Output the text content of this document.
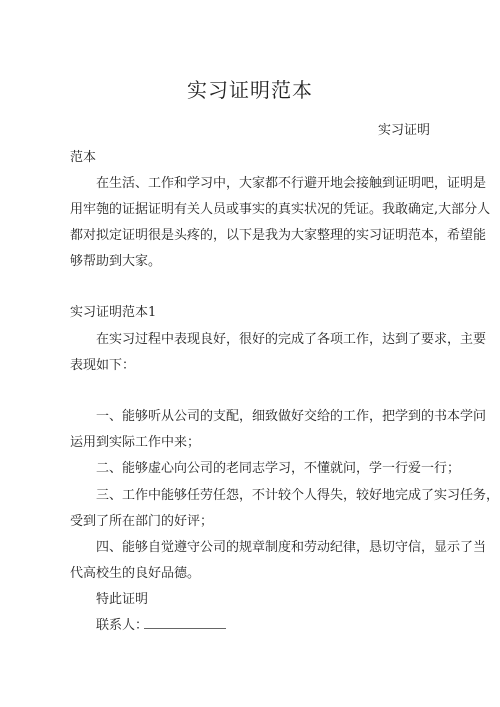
实习证明范本
实习证明
范本
在生活、工作和学习中，大家都不行避开地会接触到证明吧，证明是
用牢匏的证据证明有关人员或事实的真实状况的凭证。我敢确定,大部分人
都对拟定证明很是头疼的，以下是我为大家整理的实习证明范本，希望能
够帮助到大家。
实习证明范本1
在实习过程中表现良好，很好的完成了各项工作，达到了要求，主要
表现如下：
一、能够听从公司的支配，细致做好交给的工作，把学到的书本学问
运用到实际工作中来；
二、能够虚心向公司的老同志学习，不懂就问，学一行爱一行；
三、工作中能够任劳任怨，不计较个人得失，较好地完成了实习任务，
受到了所在部门的好评；
四、能够自觉遵守公司的规章制度和劳动纪律，恳切守信，显示了当
代高校生的良好品德。
特此证明
联系人：
